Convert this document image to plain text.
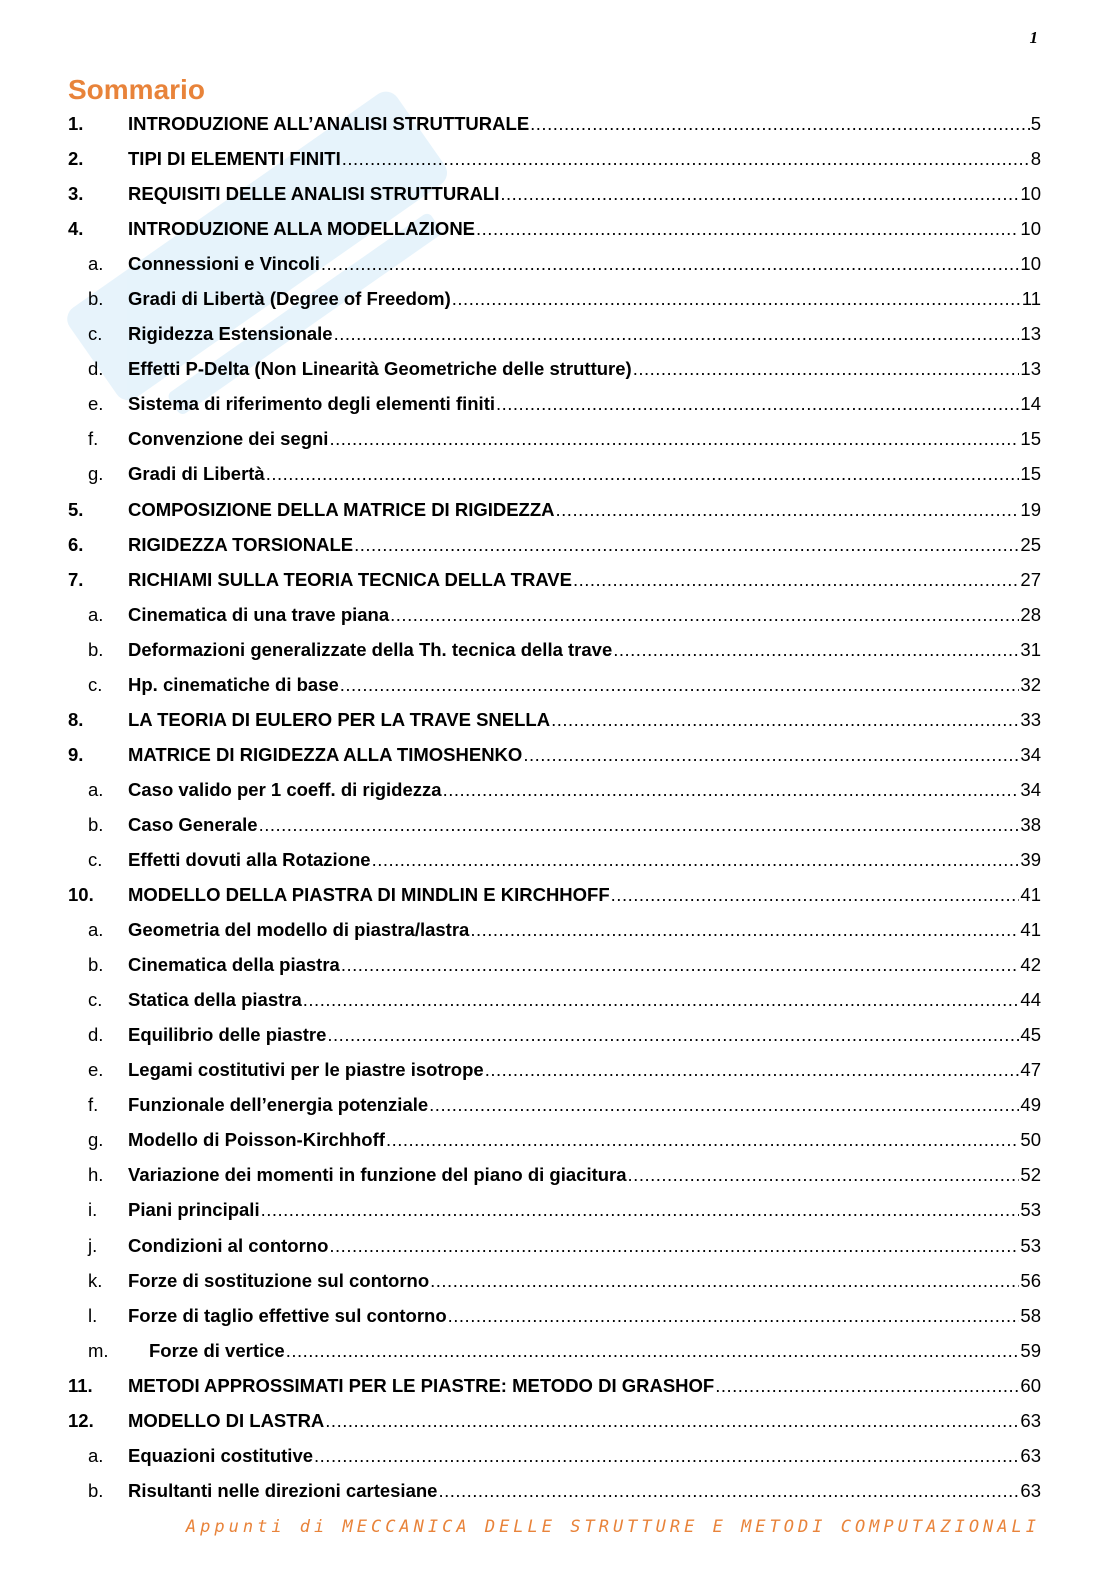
1
Sommario
1.	INTRODUZIONE ALL’ANALISI STRUTTURALE .....	5
2.	TIPI DI ELEMENTI FINITI .....	8
3.	REQUISITI DELLE ANALISI STRUTTURALI .....	10
4.	INTRODUZIONE ALLA MODELLAZIONE .....	10
a.	Connessioni e Vincoli .....	10
b.	Gradi di Libertà (Degree of Freedom) .....	11
c.	Rigidezza Estensionale .....	13
d.	Effetti P-Delta (Non Linearità Geometriche delle strutture) .....	13
e.	Sistema di riferimento degli elementi finiti .....	14
f.	Convenzione dei segni .....	15
g.	Gradi di Libertà .....	15
5.	COMPOSIZIONE DELLA MATRICE DI RIGIDEZZA .....	19
6.	RIGIDEZZA TORSIONALE .....	25
7.	RICHIAMI SULLA TEORIA TECNICA DELLA TRAVE .....	27
a.	Cinematica di una trave piana .....	28
b.	Deformazioni generalizzate della Th. tecnica della trave .....	31
c.	Hp. cinematiche di base .....	32
8.	LA TEORIA DI EULERO PER LA TRAVE SNELLA .....	33
9.	MATRICE DI RIGIDEZZA ALLA TIMOSHENKO .....	34
a.	Caso valido per 1 coeff. di rigidezza .....	34
b.	Caso Generale .....	38
c.	Effetti dovuti alla Rotazione .....	39
10.	MODELLO DELLA PIASTRA DI MINDLIN E KIRCHHOFF .....	41
a.	Geometria del modello di piastra/lastra .....	41
b.	Cinematica della piastra .....	42
c.	Statica della piastra .....	44
d.	Equilibrio delle piastre .....	45
e.	Legami costitutivi per le piastre isotrope .....	47
f.	Funzionale dell’energia potenziale .....	49
g.	Modello di Poisson-Kirchhoff .....	50
h.	Variazione dei momenti in funzione del piano di giacitura .....	52
i.	Piani principali .....	53
j.	Condizioni al contorno .....	53
k.	Forze di sostituzione sul contorno .....	56
l.	Forze di taglio effettive sul contorno .....	58
m.	Forze di vertice .....	59
11.	METODI APPROSSIMATI PER LE PIASTRE: METODO DI GRASHOF .....	60
12.	MODELLO DI LASTRA .....	63
a.	Equazioni costitutive .....	63
b.	Risultanti nelle direzioni cartesiane .....	63
Appunti di MECCANICA DELLE STRUTTURE E METODI COMPUTAZIONALI
